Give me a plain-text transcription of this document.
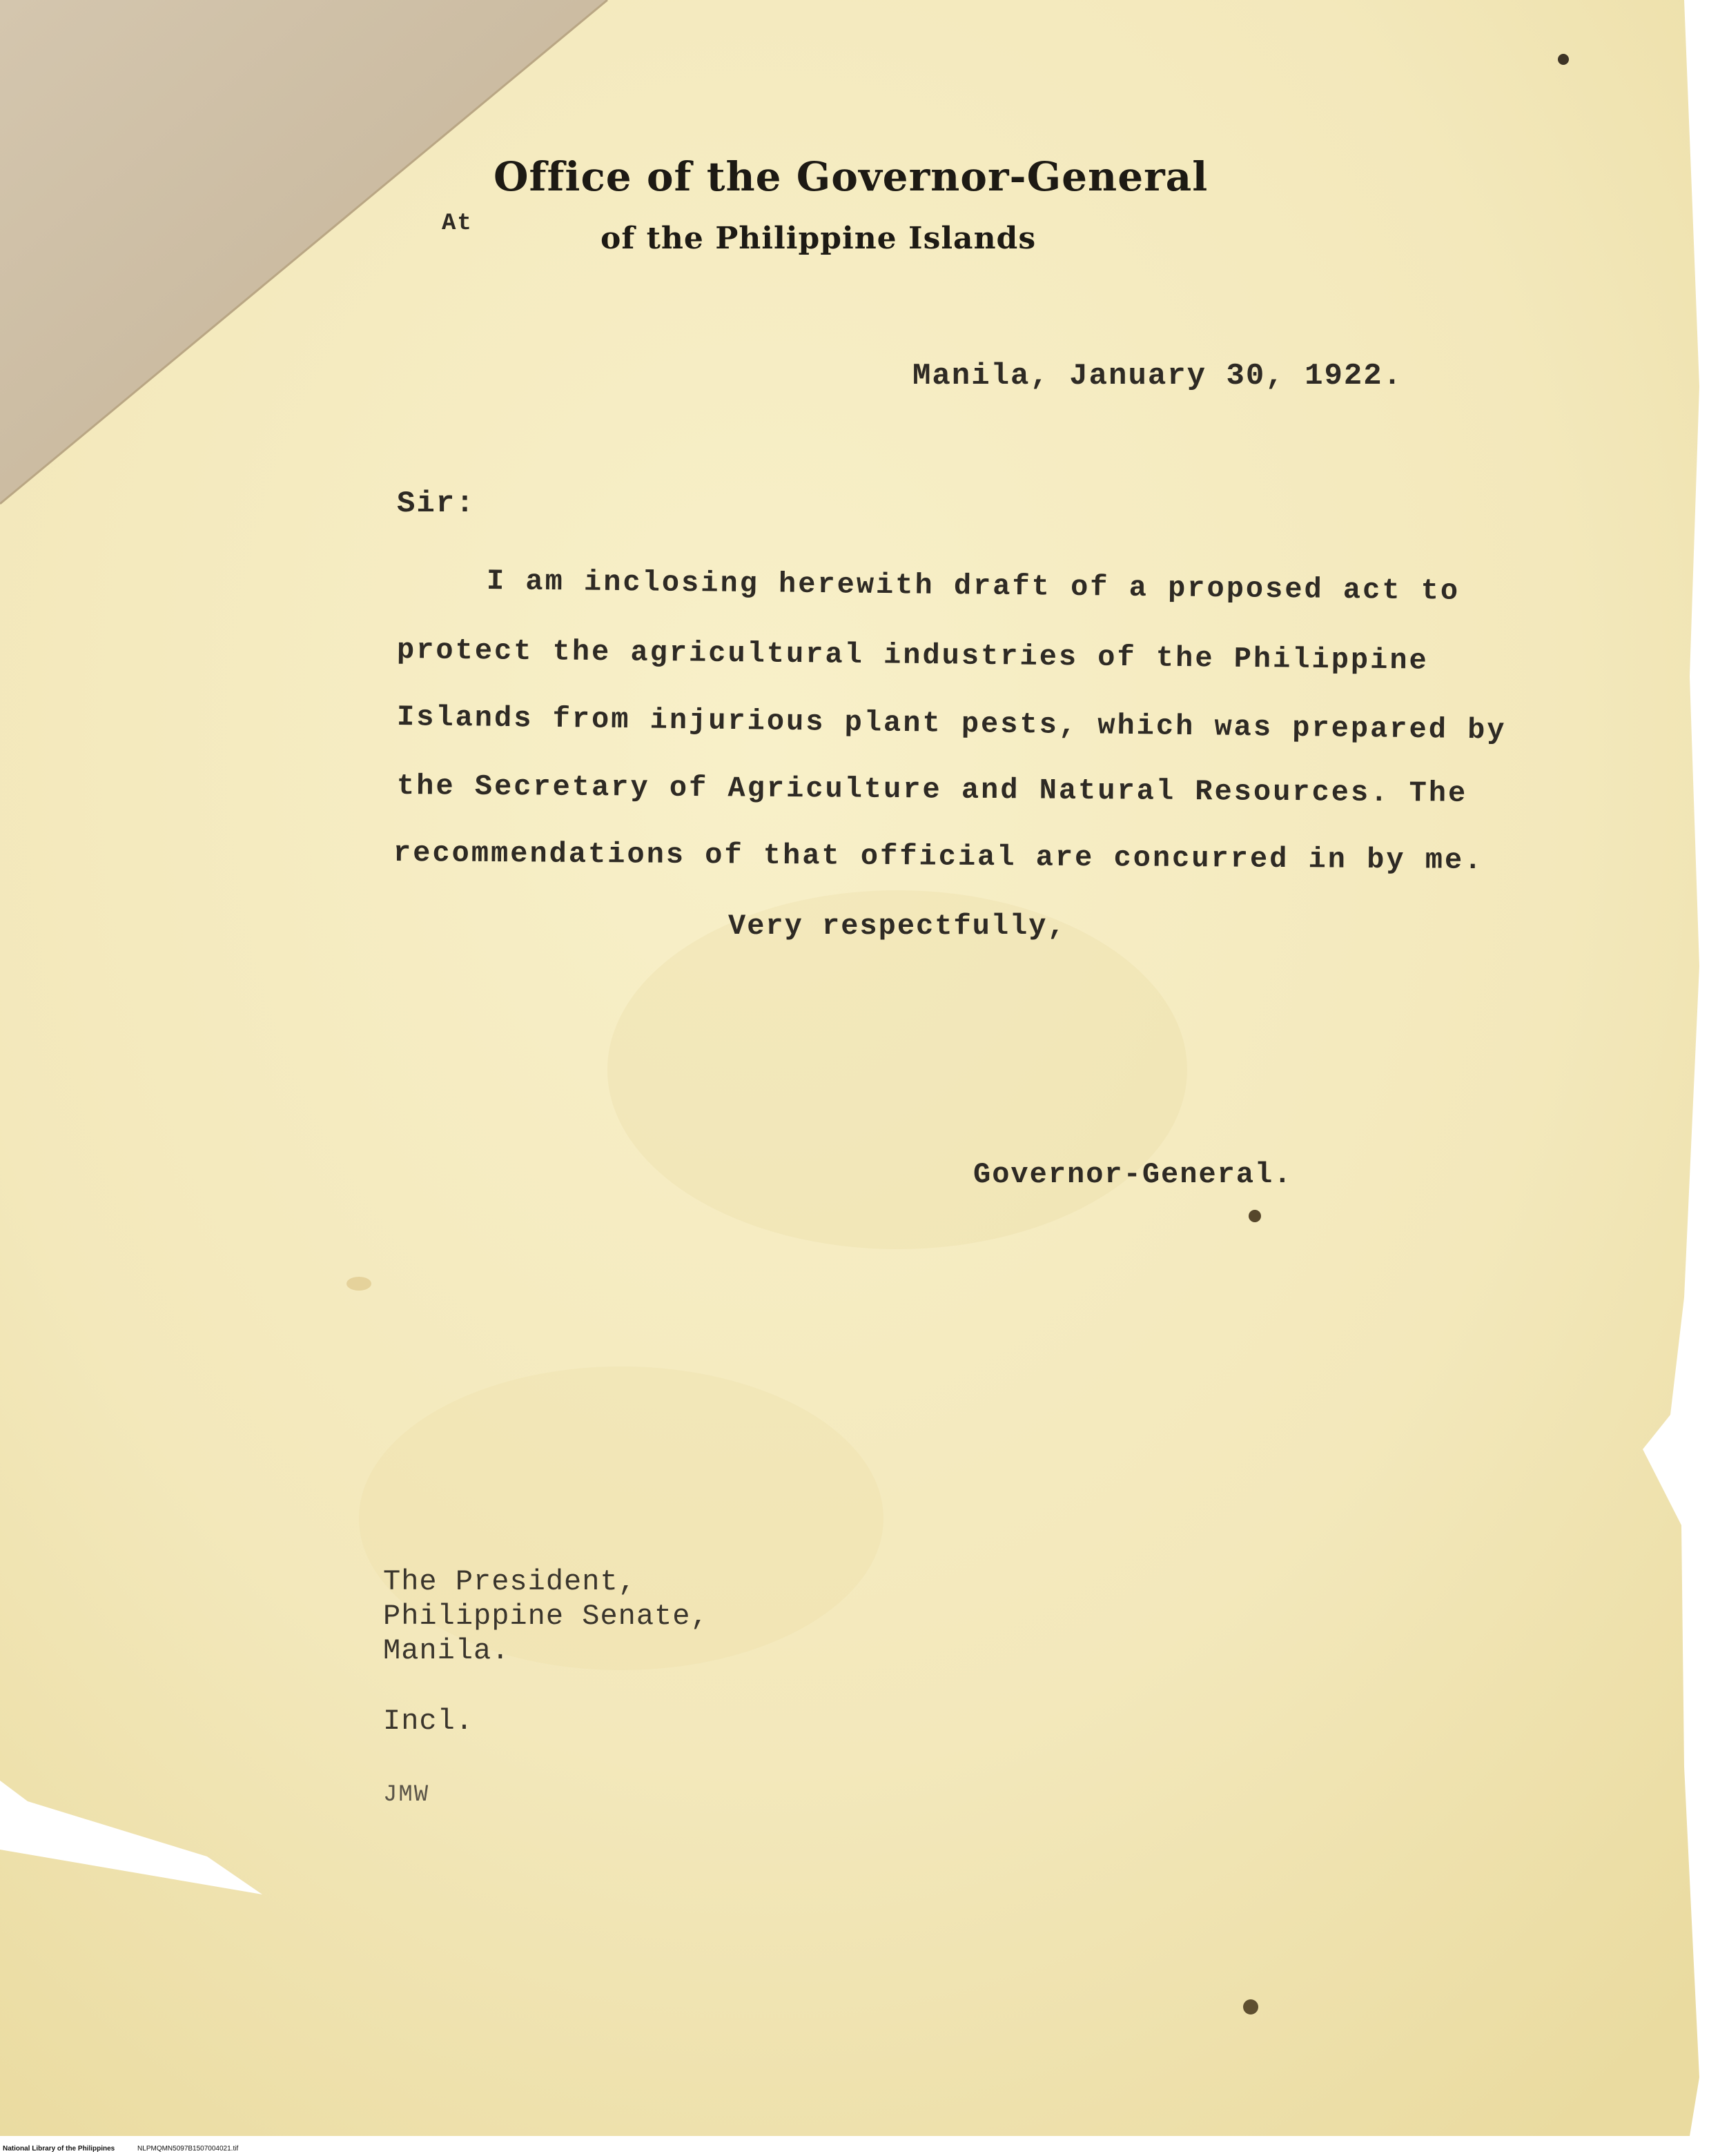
At
Office of the Governor-General
of the Philippine Islands
Manila, January 30, 1922.
Sir:
I am inclosing herewith draft of a proposed act to
protect the agricultural industries of the Philippine
Islands from injurious plant pests, which was prepared by
the Secretary of Agriculture and Natural Resources. The
recommendations of that official are concurred in by me.
Very respectfully,
Governor-General.
The President,
Philippine Senate,
Manila.
Incl.
JMW
National Library of the Philippines	NLPMQMN5097B1507004021.tif
